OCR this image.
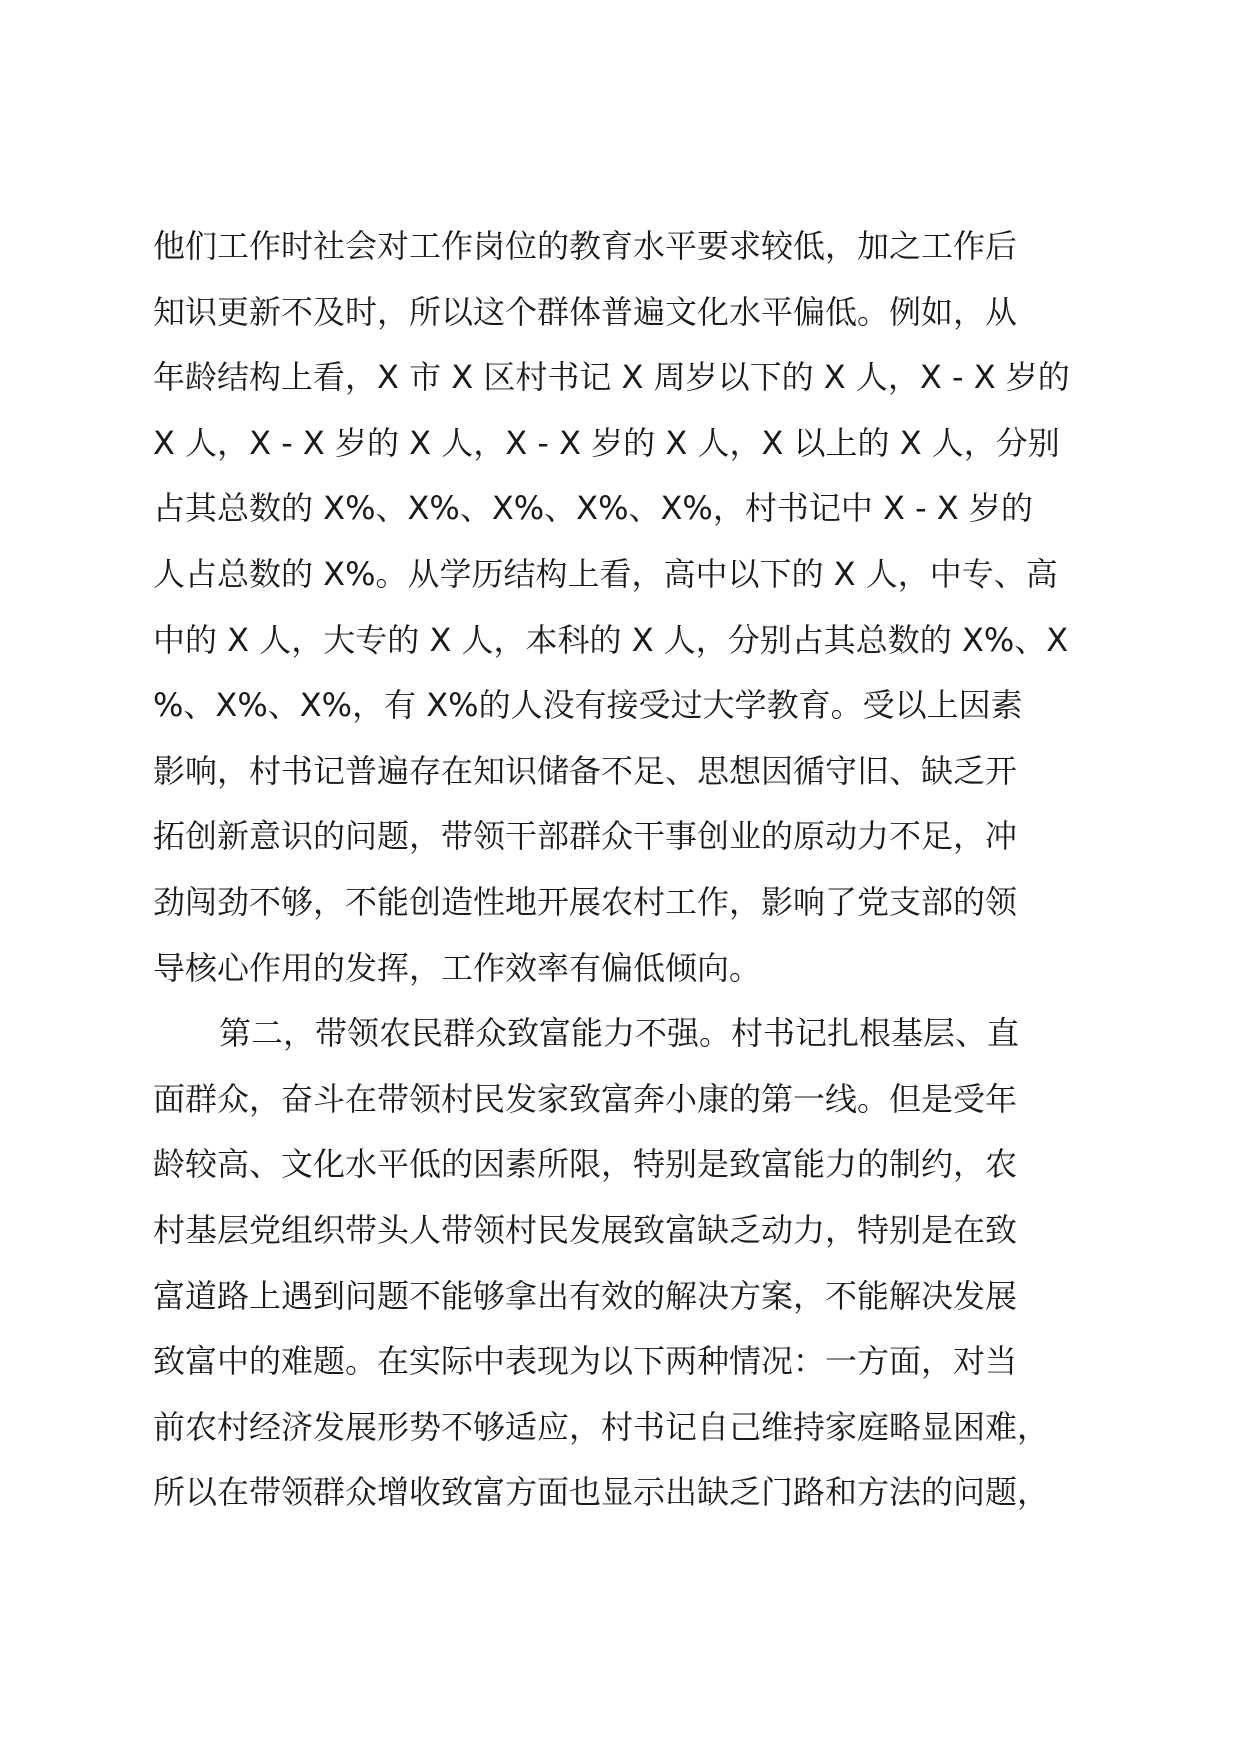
他们工作时社会对工作岗位的教育水平要求较低，加之工作后
知识更新不及时，所以这个群体普遍文化水平偏低。例如，从
年龄结构上看，X 市 X 区村书记 X 周岁以下的 X 人，X - X 岁的
X 人，X - X 岁的 X 人，X - X 岁的 X 人，X 以上的 X 人，分别
占其总数的 X%、X%、X%、X%、X%，村书记中 X - X 岁的
人占总数的 X%。从学历结构上看，高中以下的 X 人，中专、高
中的 X 人，大专的 X 人，本科的 X 人，分别占其总数的 X%、X
%、X%、X%，有 X%的人没有接受过大学教育。受以上因素
影响，村书记普遍存在知识储备不足、思想因循守旧、缺乏开
拓创新意识的问题，带领干部群众干事创业的原动力不足，冲
劲闯劲不够，不能创造性地开展农村工作，影响了党支部的领
导核心作用的发挥，工作效率有偏低倾向。
第二，带领农民群众致富能力不强。村书记扎根基层、直
面群众，奋斗在带领村民发家致富奔小康的第一线。但是受年
龄较高、文化水平低的因素所限，特别是致富能力的制约，农
村基层党组织带头人带领村民发展致富缺乏动力，特别是在致
富道路上遇到问题不能够拿出有效的解决方案，不能解决发展
致富中的难题。在实际中表现为以下两种情况：一方面，对当
前农村经济发展形势不够适应，村书记自己维持家庭略显困难，
所以在带领群众增收致富方面也显示出缺乏门路和方法的问题，
